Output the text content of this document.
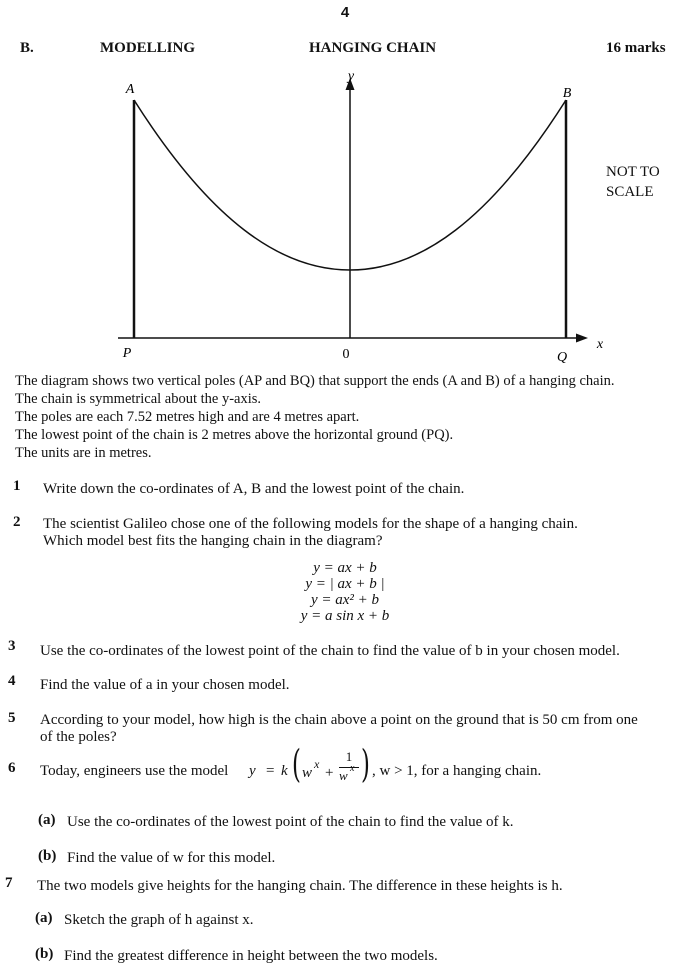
4
B.	MODELLING	HANGING CHAIN	16 marks
A	B
y
P	0	Q
x
NOT TO SCALE
The diagram shows two vertical poles (AP and BQ) that support the ends (A and B) of a hanging chain.
The chain is symmetrical about the y-axis.
The poles are each 7.52 metres high and are 4 metres apart.
The lowest point of the chain is 2 metres above the horizontal ground (PQ).
The units are in metres.
1 Write down the co-ordinates of A, B and the lowest point of the chain.
2 The scientist Galileo chose one of the following models for the shape of a hanging chain.
Which model best fits the hanging chain in the diagram?
y = ax + b
y = | ax + b |
y = ax² + b
y = a sin x + b
3 Use the co-ordinates of the lowest point of the chain to find the value of b in your chosen model.
4 Find the value of a in your chosen model.
5 According to your model, how high is the chain above a point on the ground that is 50 cm from one
of the poles?
6 Today, engineers use the model y = k ( w
x
+
1
w x ) , w > 1, for a hanging chain.
(a) Use the co-ordinates of the lowest point of the chain to find the value of k.
(b) Find the value of w for this model.
7 The two models give heights for the hanging chain. The difference in these heights is h.
(a) Sketch the graph of h against x.
(b) Find the greatest difference in height between the two models.
